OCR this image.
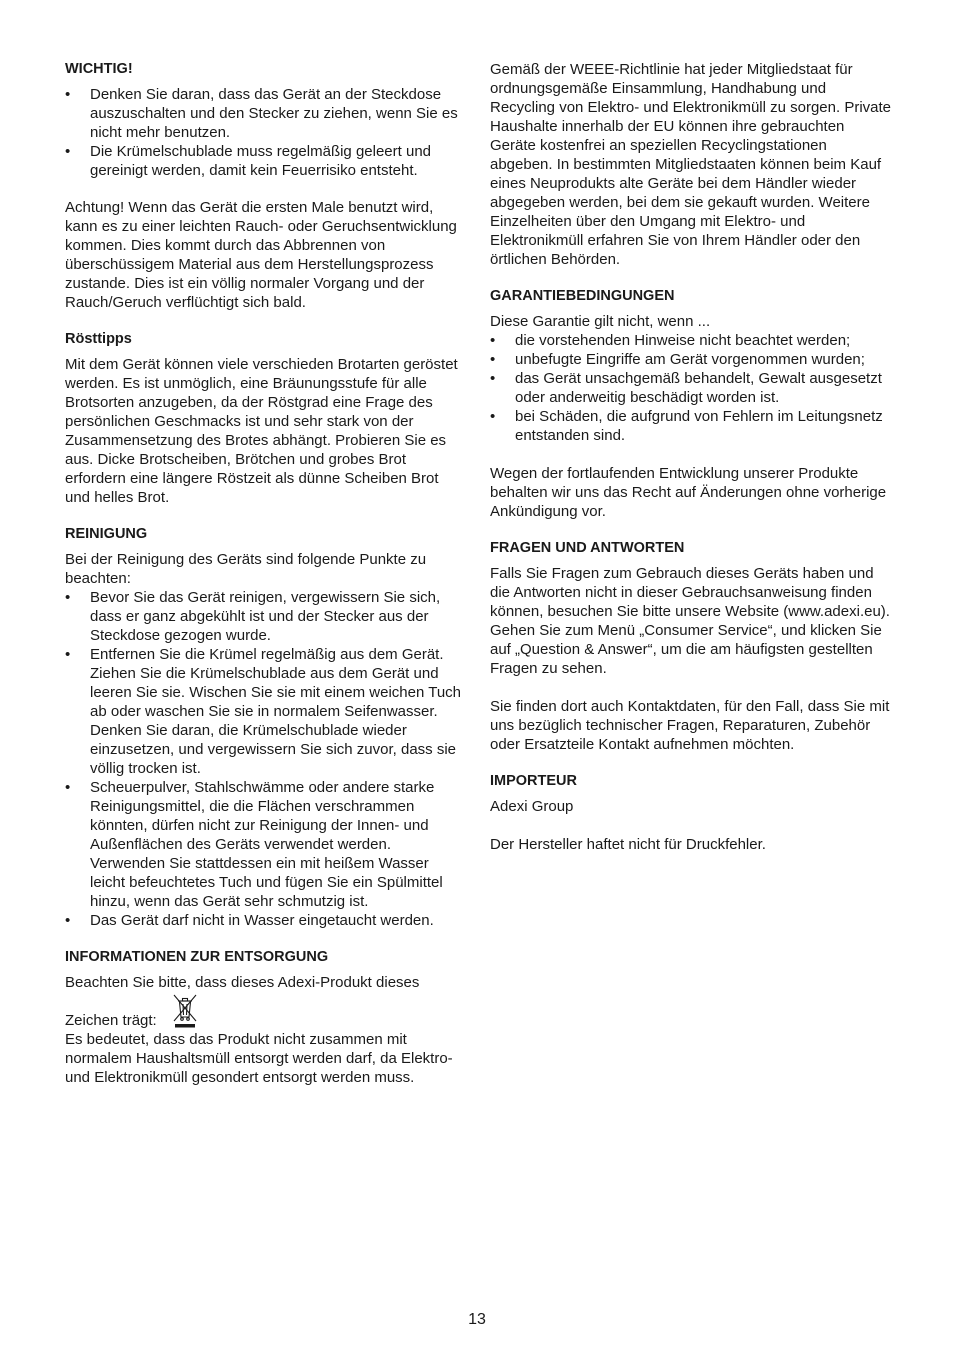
WICHTIG!
• Denken Sie daran, dass das Gerät an der Steckdose auszuschalten und den Stecker zu ziehen, wenn Sie es nicht mehr benutzen.
• Die Krümelschublade muss regelmäßig geleert und gereinigt werden, damit kein Feuerrisiko entsteht.

Achtung! Wenn das Gerät die ersten Male benutzt wird, kann es zu einer leichten Rauch- oder Geruchsentwicklung kommen. Dies kommt durch das Abbrennen von überschüssigem Material aus dem Herstellungsprozess zustande. Dies ist ein völlig normaler Vorgang und der Rauch/Geruch verflüchtigt sich bald.

Rösttipps

Mit dem Gerät können viele verschieden Brotarten geröstet werden. Es ist unmöglich, eine Bräunungsstufe für alle Brotsorten anzugeben, da der Röstgrad eine Frage des persönlichen Geschmacks ist und sehr stark von der Zusammensetzung des Brotes abhängt. Probieren Sie es aus. Dicke Brotscheiben, Brötchen und grobes Brot erfordern eine längere Röstzeit als dünne Scheiben Brot und helles Brot.

REINIGUNG

Bei der Reinigung des Geräts sind folgende Punkte zu beachten:

• Bevor Sie das Gerät reinigen, vergewissern Sie sich, dass er ganz abgekühlt ist und der Stecker aus der Steckdose gezogen wurde.
• Entfernen Sie die Krümel regelmäßig aus dem Gerät. Ziehen Sie die Krümelschublade aus dem Gerät und leeren Sie sie. Wischen Sie sie mit einem weichen Tuch ab oder waschen Sie sie in normalem Seifenwasser. Denken Sie daran, die Krümelschublade wieder einzusetzen, und vergewissern Sie sich zuvor, dass sie völlig trocken ist.
• Scheuerpulver, Stahlschwämme oder andere starke Reinigungsmittel, die die Flächen verschrammen könnten, dürfen nicht zur Reinigung der Innen- und Außenflächen des Geräts verwendet werden. Verwenden Sie stattdessen ein mit heißem Wasser leicht befeuchtetes Tuch und fügen Sie ein Spülmittel hinzu, wenn das Gerät sehr schmutzig ist.
• Das Gerät darf nicht in Wasser eingetaucht werden.
INFORMATIONEN ZUR ENTSORGUNG

Beachten Sie bitte, dass dieses Adexi-Produkt dieses

Zeichen trägt:

Es bedeutet, dass das Produkt nicht zusammen mit normalem Haushaltsmüll entsorgt werden darf, da Elektro- und Elektronikmüll gesondert entsorgt werden muss.

Gemäß der WEEE-Richtlinie hat jeder Mitgliedstaat für ordnungsgemäße Einsammlung, Handhabung und Recycling von Elektro- und Elektronikmüll zu sorgen. Private Haushalte innerhalb der EU können ihre gebrauchten Geräte kostenfrei an speziellen Recyclingstationen abgeben. In bestimmten Mitgliedstaaten können beim Kauf eines Neuprodukts alte Geräte bei dem Händler wieder abgegeben werden, bei dem sie gekauft wurden. Weitere Einzelheiten über den Umgang mit Elektro- und Elektronikmüll erfahren Sie von Ihrem Händler oder den örtlichen Behörden.

GARANTIEBEDINGUNGEN

Diese Garantie gilt nicht, wenn ...

• die vorstehenden Hinweise nicht beachtet werden;
• unbefugte Eingriffe am Gerät vorgenommen wurden;
• das Gerät unsachgemäß behandelt, Gewalt ausgesetzt oder anderweitig beschädigt worden ist.
• bei Schäden, die aufgrund von Fehlern im Leitungsnetz entstanden sind.

Wegen der fortlaufenden Entwicklung unserer Produkte behalten wir uns das Recht auf Änderungen ohne vorherige Ankündigung vor.

FRAGEN UND ANTWORTEN

Falls Sie Fragen zum Gebrauch dieses Geräts haben und die Antworten nicht in dieser Gebrauchsanweisung finden können, besuchen Sie bitte unsere Website (www.adexi.eu).

Gehen Sie zum Menü „Consumer Service“, und klicken Sie auf „Question & Answer“, um die am häufigsten gestellten Fragen zu sehen.

Sie finden dort auch Kontaktdaten, für den Fall, dass Sie mit uns bezüglich technischer Fragen, Reparaturen, Zubehör oder Ersatzteile Kontakt aufnehmen möchten.

IMPORTEUR

Adexi Group

Der Hersteller haftet nicht für Druckfehler.

13
